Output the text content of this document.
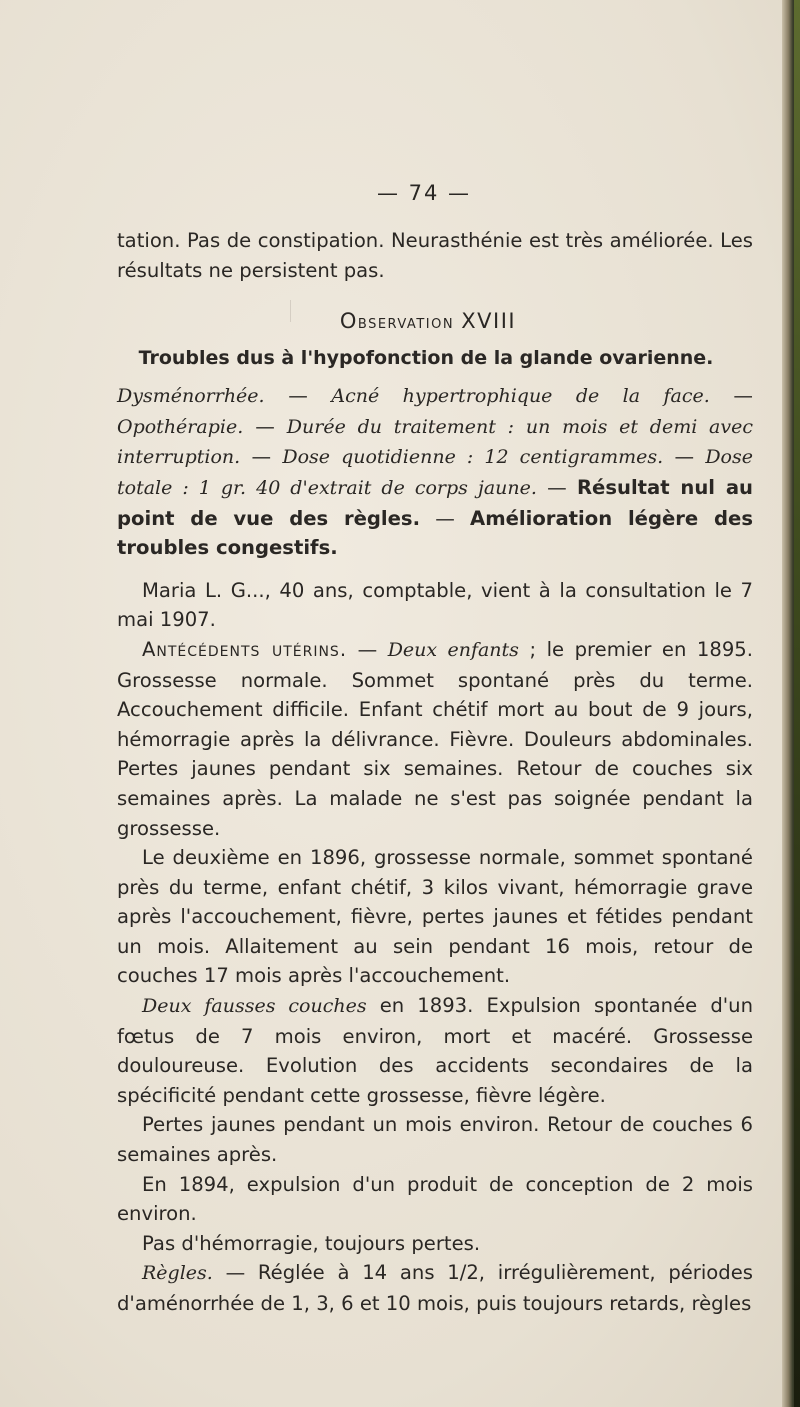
— 74 —

tation. Pas de constipation. Neurasthénie est très améliorée. Les résultats ne persistent pas.

Observation XVIII

Troubles dus à l'hypofonction de la glande ovarienne.

Dysménorrhée. — Acné hypertrophique de la face. — Opothérapie. — Durée du traitement : un mois et demi avec interruption. — Dose quotidienne : 12 centigrammes. — Dose totale : 1 gr. 40 d'extrait de corps jaune. — Résultat nul au point de vue des règles. — Amélioration légère des troubles congestifs.

Maria L. G..., 40 ans, comptable, vient à la consultation le 7 mai 1907.

Antécédents utérins. — Deux enfants ; le premier en 1895. Grossesse normale. Sommet spontané près du terme. Accouchement difficile. Enfant chétif mort au bout de 9 jours, hémorragie après la délivrance. Fièvre. Douleurs abdominales. Pertes jaunes pendant six semaines. Retour de couches six semaines après. La malade ne s'est pas soignée pendant la grossesse.

Le deuxième en 1896, grossesse normale, sommet spontané près du terme, enfant chétif, 3 kilos vivant, hémorragie grave après l'accouchement, fièvre, pertes jaunes et fétides pendant un mois. Allaitement au sein pendant 16 mois, retour de couches 17 mois après l'accouchement.

Deux fausses couches en 1893. Expulsion spontanée d'un fœtus de 7 mois environ, mort et macéré. Grossesse douloureuse. Evolution des accidents secondaires de la spécificité pendant cette grossesse, fièvre légère.

Pertes jaunes pendant un mois environ. Retour de couches 6 semaines après.

En 1894, expulsion d'un produit de conception de 2 mois environ.

Pas d'hémorragie, toujours pertes.

Règles. — Réglée à 14 ans 1/2, irrégulièrement, périodes d'aménorrhée de 1, 3, 6 et 10 mois, puis toujours retards, règles
